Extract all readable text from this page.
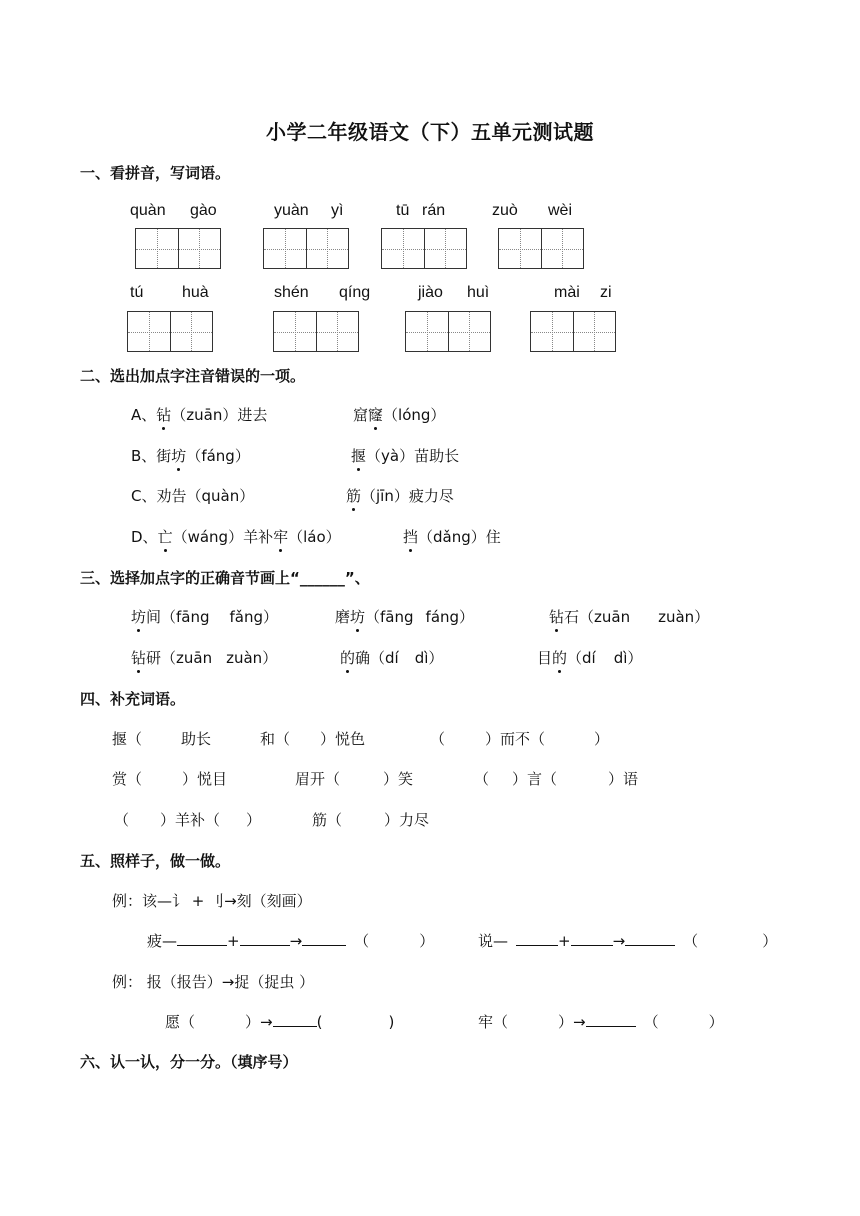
小学二年级语文（下）五单元测试题
一、看拼音，写词语。
quàn gào	yuàn yì	tū rán	zuò wèi
tú huà	shén qíng	jiào huì	mài zi
二、选出加点字注音错误的一项。
A、钻（zuān）进去	窟窿（lóng）
B、街坊（fáng）	揠（yà）苗助长
C、劝告（quàn）	筋（jīn）疲力尽
D、亡（wáng）羊补牢（láo）	挡（dǎng）住
三、选择加点字的正确音节画上“______”、
坊间（fāng fǎng）	磨坊（fāng fáng）	钻石（zuān zuàn）
钻研（zuān zuàn）	的确（dí dì）	目的（dí dì）
四、补充词语。
揠（	助长	和（ ）悦色	（	）而不（	）
赏（	）悦目	眉开（	）笑	（ ）言（	）语
（ ）羊补（ ）	筋（	）力尽
五、照样子，做一做。
例：该—讠 + 刂→刻（刻画）
疲—	+	→	（	）	说—	+	→	（	）
例： 报（报告）→捉（捉虫 ）
愿（	）→	(	)	牢（	）→	（	）
六、认一认，分一分。（填序号）
